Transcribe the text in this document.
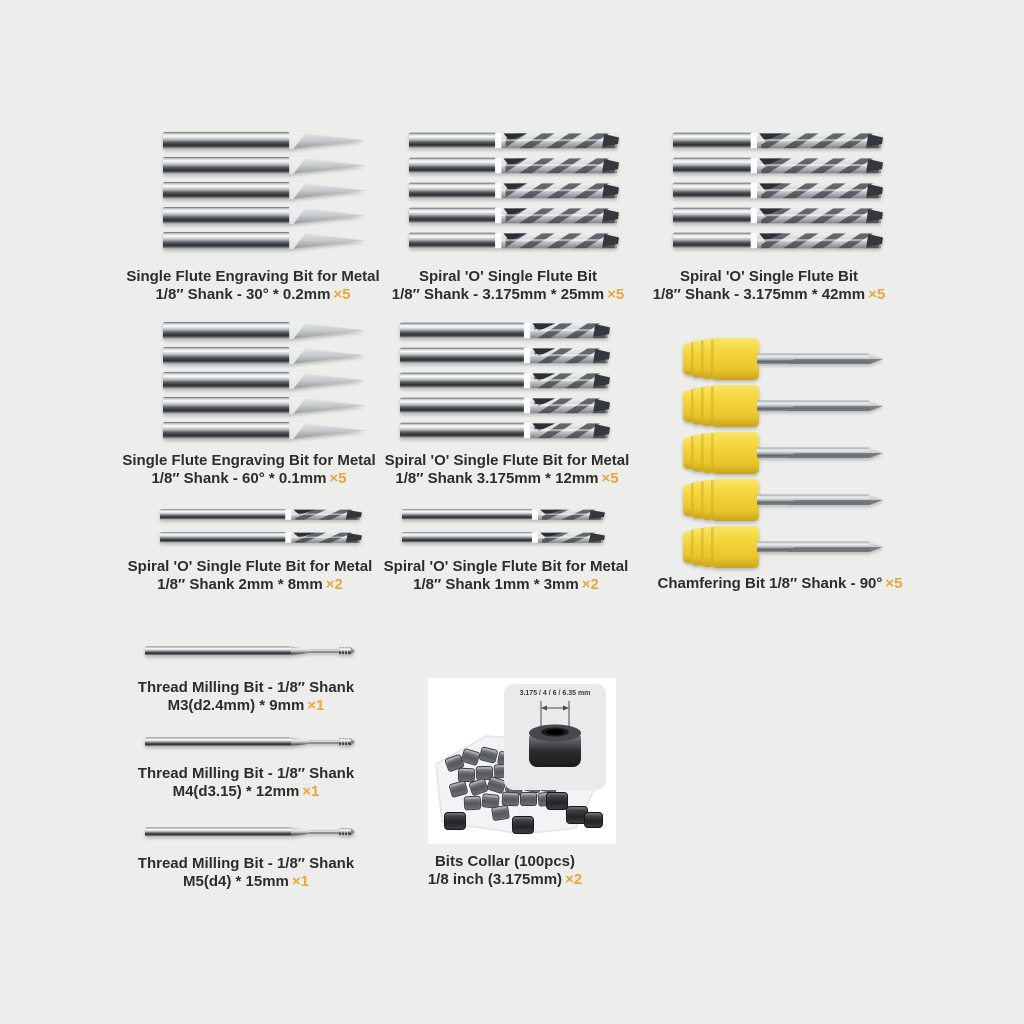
Single Flute Engraving Bit for Metal
1/8″ Shank - 30° * 0.2mm ×5
Spiral 'O' Single Flute Bit
1/8″ Shank - 3.175mm * 25mm ×5
Spiral 'O' Single Flute Bit
1/8″ Shank - 3.175mm * 42mm ×5
Single Flute Engraving Bit for Metal
1/8″ Shank - 60° * 0.1mm ×5
Spiral 'O' Single Flute Bit for Metal
1/8″ Shank 3.175mm * 12mm ×5
Spiral 'O' Single Flute Bit for Metal
1/8″ Shank 2mm * 8mm ×2
Spiral 'O' Single Flute Bit for Metal
1/8″ Shank 1mm * 3mm ×2	Chamfering Bit 1/8″ Shank - 90° ×5
Thread Milling Bit - 1/8″ Shank
M3(d2.4mm) * 9mm ×1
Thread Milling Bit - 1/8″ Shank
M4(d3.15) * 12mm ×1
Thread Milling Bit - 1/8″ Shank
M5(d4) * 15mm ×1
3.175 / 4 / 6 / 6.35 mm
Bits Collar (100pcs)
1/8 inch (3.175mm) ×2
